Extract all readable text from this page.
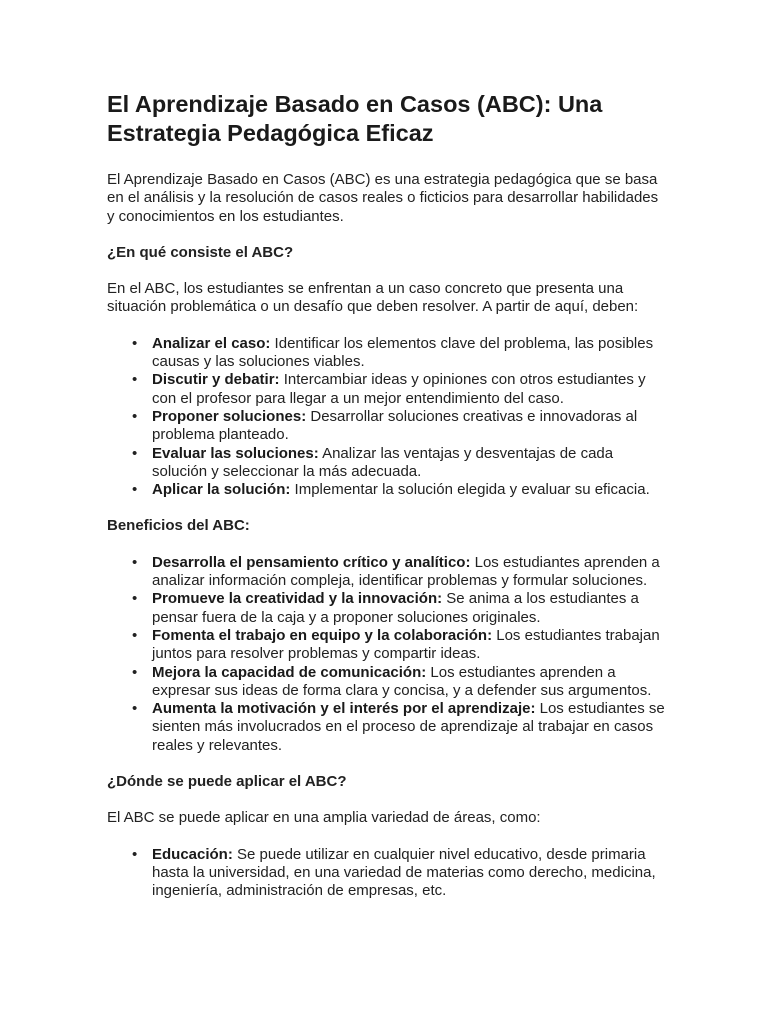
El Aprendizaje Basado en Casos (ABC): Una Estrategia Pedagógica Eficaz

El Aprendizaje Basado en Casos (ABC) es una estrategia pedagógica que se basa en el análisis y la resolución de casos reales o ficticios para desarrollar habilidades y conocimientos en los estudiantes.

¿En qué consiste el ABC?

En el ABC, los estudiantes se enfrentan a un caso concreto que presenta una situación problemática o un desafío que deben resolver. A partir de aquí, deben:

• Analizar el caso: Identificar los elementos clave del problema, las posibles causas y las soluciones viables.
• Discutir y debatir: Intercambiar ideas y opiniones con otros estudiantes y con el profesor para llegar a un mejor entendimiento del caso.
• Proponer soluciones: Desarrollar soluciones creativas e innovadoras al problema planteado.
• Evaluar las soluciones: Analizar las ventajas y desventajas de cada solución y seleccionar la más adecuada.
• Aplicar la solución: Implementar la solución elegida y evaluar su eficacia.

Beneficios del ABC:

• Desarrolla el pensamiento crítico y analítico: Los estudiantes aprenden a analizar información compleja, identificar problemas y formular soluciones.
• Promueve la creatividad y la innovación: Se anima a los estudiantes a pensar fuera de la caja y a proponer soluciones originales.
• Fomenta el trabajo en equipo y la colaboración: Los estudiantes trabajan juntos para resolver problemas y compartir ideas.
• Mejora la capacidad de comunicación: Los estudiantes aprenden a expresar sus ideas de forma clara y concisa, y a defender sus argumentos.
• Aumenta la motivación y el interés por el aprendizaje: Los estudiantes se sienten más involucrados en el proceso de aprendizaje al trabajar en casos reales y relevantes.

¿Dónde se puede aplicar el ABC?

El ABC se puede aplicar en una amplia variedad de áreas, como:

• Educación: Se puede utilizar en cualquier nivel educativo, desde primaria hasta la universidad, en una variedad de materias como derecho, medicina, ingeniería, administración de empresas, etc.
